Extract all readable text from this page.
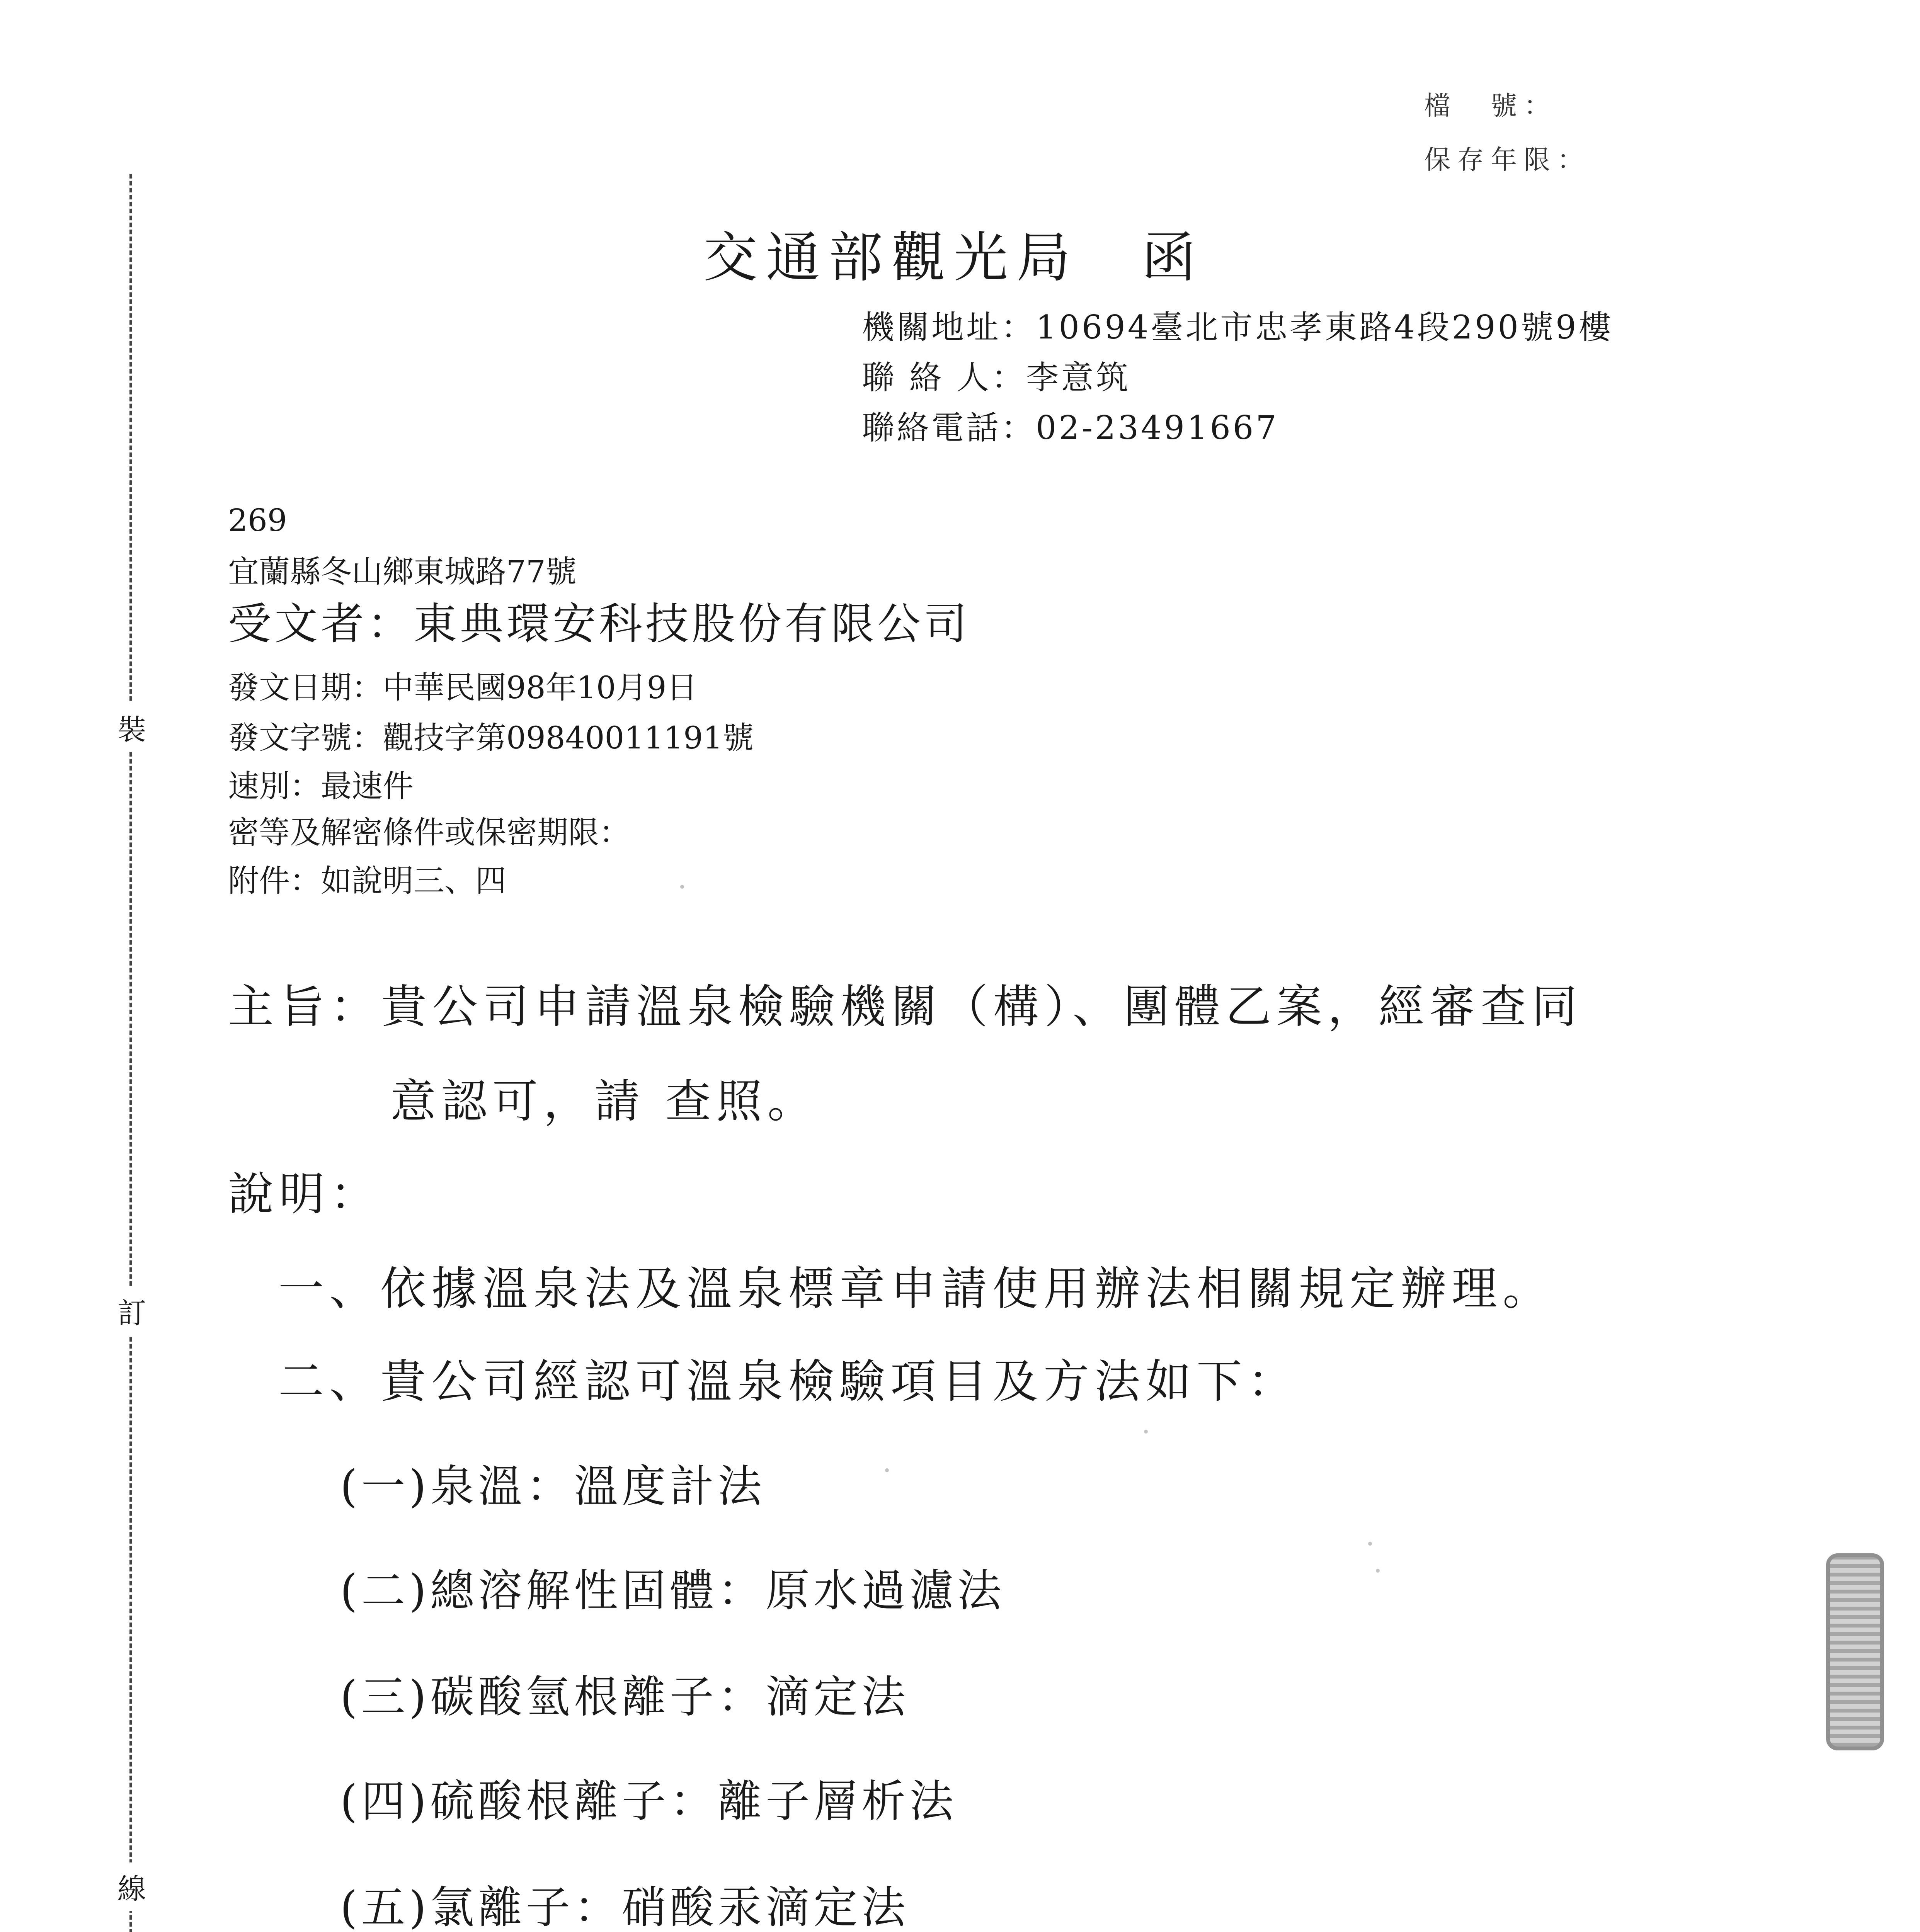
裝
訂
線
檔　號：
保存年限：
交通部觀光局　函
機關地址：10694臺北市忠孝東路4段290號9樓
聯 絡 人：李意筑
聯絡電話：02-23491667
269
宜蘭縣冬山鄉東城路77號
受文者：東典環安科技股份有限公司
發文日期：中華民國98年10月9日
發文字號：觀技字第09840011191號
速別：最速件
密等及解密條件或保密期限：
附件：如說明三、四
主旨：貴公司申請溫泉檢驗機關（構）、團體乙案，經審查同
意認可，請 查照。
說明：
一、依據溫泉法及溫泉標章申請使用辦法相關規定辦理。
二、貴公司經認可溫泉檢驗項目及方法如下：
(一)泉溫：溫度計法
(二)總溶解性固體：原水過濾法
(三)碳酸氫根離子：滴定法
(四)硫酸根離子：離子層析法
(五)氯離子：硝酸汞滴定法
